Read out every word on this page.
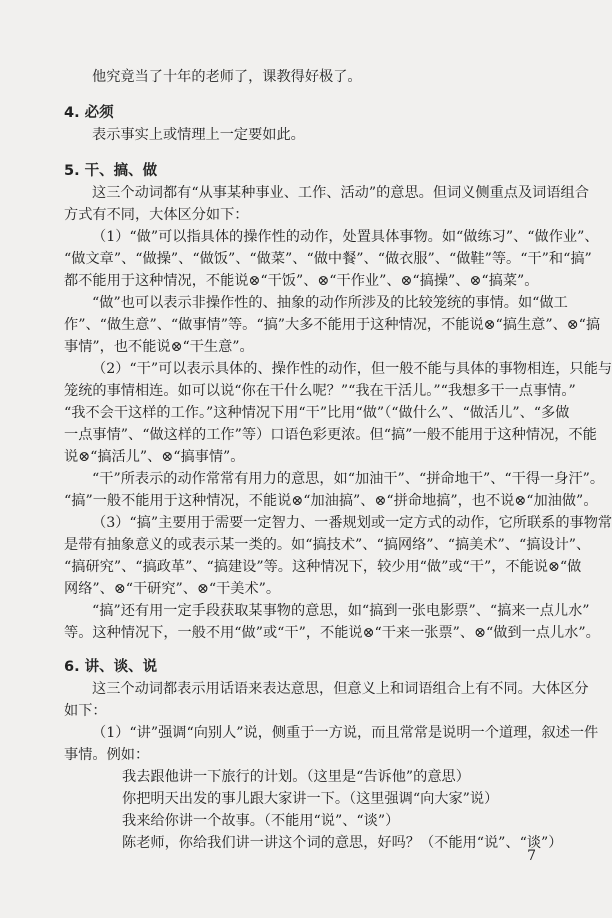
他究竟当了十年的老师了，课教得好极了。
4. 必须
表示事实上或情理上一定要如此。
5. 干、搞、做
这三个动词都有“从事某种事业、工作、活动”的意思。但词义侧重点及词语组合
方式有不同，大体区分如下：
（1）“做”可以指具体的操作性的动作，处置具体事物。如“做练习”、“做作业”、
“做文章”、“做操”、“做饭”、“做菜”、“做中餐”、“做衣服”、“做鞋”等。“干”和“搞”
都不能用于这种情况，不能说⊗“干饭”、⊗“干作业”、⊗“搞操”、⊗“搞菜”。
“做”也可以表示非操作性的、抽象的动作所涉及的比较笼统的事情。如“做工
作”、“做生意”、“做事情”等。“搞”大多不能用于这种情况，不能说⊗“搞生意”、⊗“搞
事情”，也不能说⊗“干生意”。
（2）“干”可以表示具体的、操作性的动作，但一般不能与具体的事物相连，只能与
笼统的事情相连。如可以说“你在干什么呢？”“我在干活儿。”“我想多干一点事情。”
“我不会干这样的工作。”这种情况下用“干”比用“做”（“做什么”、“做活儿”、“多做
一点事情”、“做这样的工作”等）口语色彩更浓。但“搞”一般不能用于这种情况，不能
说⊗“搞活儿”、⊗“搞事情”。
“干”所表示的动作常常有用力的意思，如“加油干”、“拼命地干”、“干得一身汗”。
“搞”一般不能用于这种情况，不能说⊗“加油搞”、⊗“拼命地搞”，也不说⊗“加油做”。
（3）“搞”主要用于需要一定智力、一番规划或一定方式的动作，它所联系的事物常
是带有抽象意义的或表示某一类的。如“搞技术”、“搞网络”、“搞美术”、“搞设计”、
“搞研究”、“搞政革”、“搞建设”等。这种情况下，较少用“做”或“干”，不能说⊗“做
网络”、⊗“干研究”、⊗“干美术”。
“搞”还有用一定手段获取某事物的意思，如“搞到一张电影票”、“搞来一点儿水”
等。这种情况下，一般不用“做”或“干”，不能说⊗“干来一张票”、⊗“做到一点儿水”。
6. 讲、谈、说
这三个动词都表示用话语来表达意思，但意义上和词语组合上有不同。大体区分
如下：
（1）“讲”强调“向别人”说，侧重于一方说，而且常常是说明一个道理，叙述一件
事情。例如：
我去跟他讲一下旅行的计划。（这里是“告诉他”的意思）
你把明天出发的事儿跟大家讲一下。（这里强调“向大家”说）
我来给你讲一个故事。（不能用“说”、“谈”）
陈老师，你给我们讲一讲这个词的意思，好吗？（不能用“说”、“谈”）
7
